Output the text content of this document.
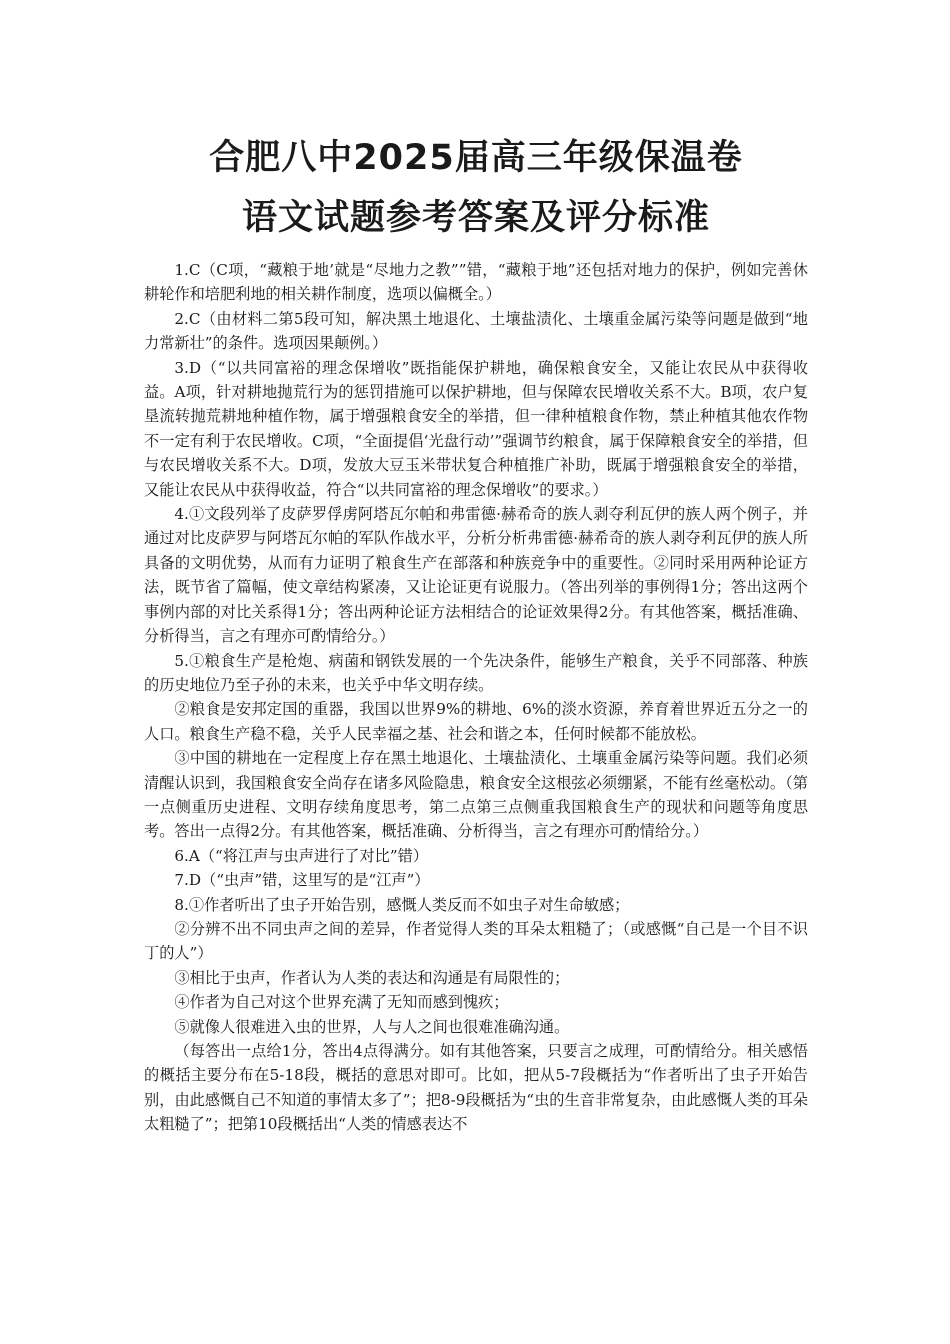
合肥八中2025届高三年级保温卷
语文试题参考答案及评分标准

1.C（C项，“藏粮于地’就是“尽地力之教””错，“藏粮于地”还包括对地力的保护，例如完善休耕轮作和培肥利地的相关耕作制度，选项以偏概全。）

2.C（由材料二第5段可知，解决黑土地退化、土壤盐渍化、土壤重金属污染等问题是做到“地力常新壮”的条件。选项因果颠例。）

3.D（“以共同富裕的理念保增收”既指能保护耕地，确保粮食安全，又能让农民从中获得收益。A项，针对耕地抛荒行为的惩罚措施可以保护耕地，但与保障农民增收关系不大。B项，农户复垦流转抛荒耕地种植作物，属于增强粮食安全的举措，但一律种植粮食作物，禁止种植其他农作物不一定有利于农民增收。C项，“全面提倡‘光盘行动’”强调节约粮食，属于保障粮食安全的举措，但与农民增收关系不大。D项，发放大豆玉米带状复合种植推广补助，既属于增强粮食安全的举措，又能让农民从中获得收益，符合“以共同富裕的理念保增收”的要求。）

4.①文段列举了皮萨罗俘虏阿塔瓦尔帕和弗雷德·赫希奇的族人剥夺利瓦伊的族人两个例子，并通过对比皮萨罗与阿塔瓦尔帕的军队作战水平，分析分析弗雷德·赫希奇的族人剥夺利瓦伊的族人所具备的文明优势，从而有力证明了粮食生产在部落和种族竞争中的重要性。②同时采用两种论证方法，既节省了篇幅，使文章结构紧凑，又让论证更有说服力。（答出列举的事例得1分；答出这两个事例内部的对比关系得1分；答出两种论证方法相结合的论证效果得2分。有其他答案，概括准确、分析得当，言之有理亦可酌情给分。）

5.①粮食生产是枪炮、病菌和钢铁发展的一个先决条件，能够生产粮食，关乎不同部落、种族的历史地位乃至子孙的未来，也关乎中华文明存续。

②粮食是安邦定国的重器，我国以世界9%的耕地、6%的淡水资源，养育着世界近五分之一的人口。粮食生产稳不稳，关乎人民幸福之基、社会和谐之本，任何时候都不能放松。

③中国的耕地在一定程度上存在黑土地退化、土壤盐渍化、土壤重金属污染等问题。我们必须清醒认识到，我国粮食安全尚存在诸多风险隐患，粮食安全这根弦必须绷紧，不能有丝毫松动。（第一点侧重历史进程、文明存续角度思考，第二点第三点侧重我国粮食生产的现状和问题等角度思考。答出一点得2分。有其他答案，概括准确、分析得当，言之有理亦可酌情给分。）

6.A（“将江声与虫声进行了对比”错）

7.D（“虫声”错，这里写的是“江声”）

8.①作者听出了虫子开始告别，感慨人类反而不如虫子对生命敏感；

②分辨不出不同虫声之间的差异，作者觉得人类的耳朵太粗糙了；（或感慨“自己是一个目不识丁的人”）

③相比于虫声，作者认为人类的表达和沟通是有局限性的；

④作者为自己对这个世界充满了无知而感到愧疚；

⑤就像人很难进入虫的世界，人与人之间也很难准确沟通。

（每答出一点给1分，答出4点得满分。如有其他答案，只要言之成理，可酌情给分。相关感悟的概括主要分布在5-18段，概括的意思对即可。比如，把从5-7段概括为“作者听出了虫子开始告别，由此感慨自己不知道的事情太多了”；把8-9段概括为“虫的生音非常复杂，由此感慨人类的耳朵太粗糙了”；把第10段概括出“人类的情感表达不
